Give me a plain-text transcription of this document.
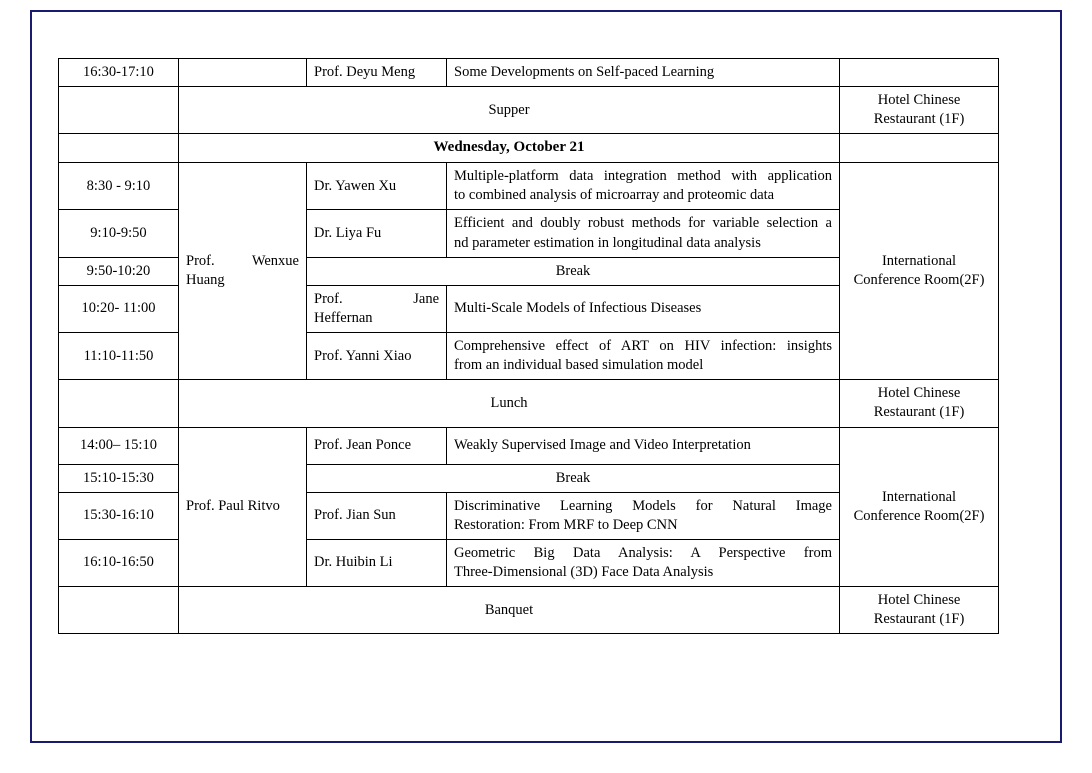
16:30-17:10		Prof. Deyu Meng	Some Developments on Self-paced Learning	
	Supper			Hotel Chinese
Restaurant (1F)

	Wednesday, October 21			
8:30 - 9:10	Prof. Wenxue
Huang	Dr. Yawen Xu	Multiple-platform data integration method with application
to combined analysis of microarray and proteomic data	International
Conference Room(2F)

9:10-9:50		Dr. Liya Fu	Efficient and doubly robust methods for variable selection a
nd parameter estimation in longitudinal data analysis	

9:50-10:20		Break		
10:20- 11:00		Prof. Jane
Heffernan	Multi-Scale Models of Infectious Diseases	
11:10-11:50		Prof. Yanni Xiao	Comprehensive effect of ART on HIV infection: insights
from an individual based simulation model	

	Lunch			Hotel Chinese
Restaurant (1F)

14:00– 15:10	Prof. Paul Ritvo	Prof. Jean Ponce	Weakly Supervised Image and Video Interpretation	International
Conference Room(2F)

15:10-15:30		Break		
15:30-16:10		Prof. Jian Sun	Discriminative Learning Models for Natural Image
Restoration: From MRF to Deep CNN	

16:10-16:50		Dr. Huibin Li	Geometric Big Data Analysis: A Perspective from
Three-Dimensional (3D) Face Data Analysis	

	Banquet			Hotel Chinese
Restaurant (1F)
